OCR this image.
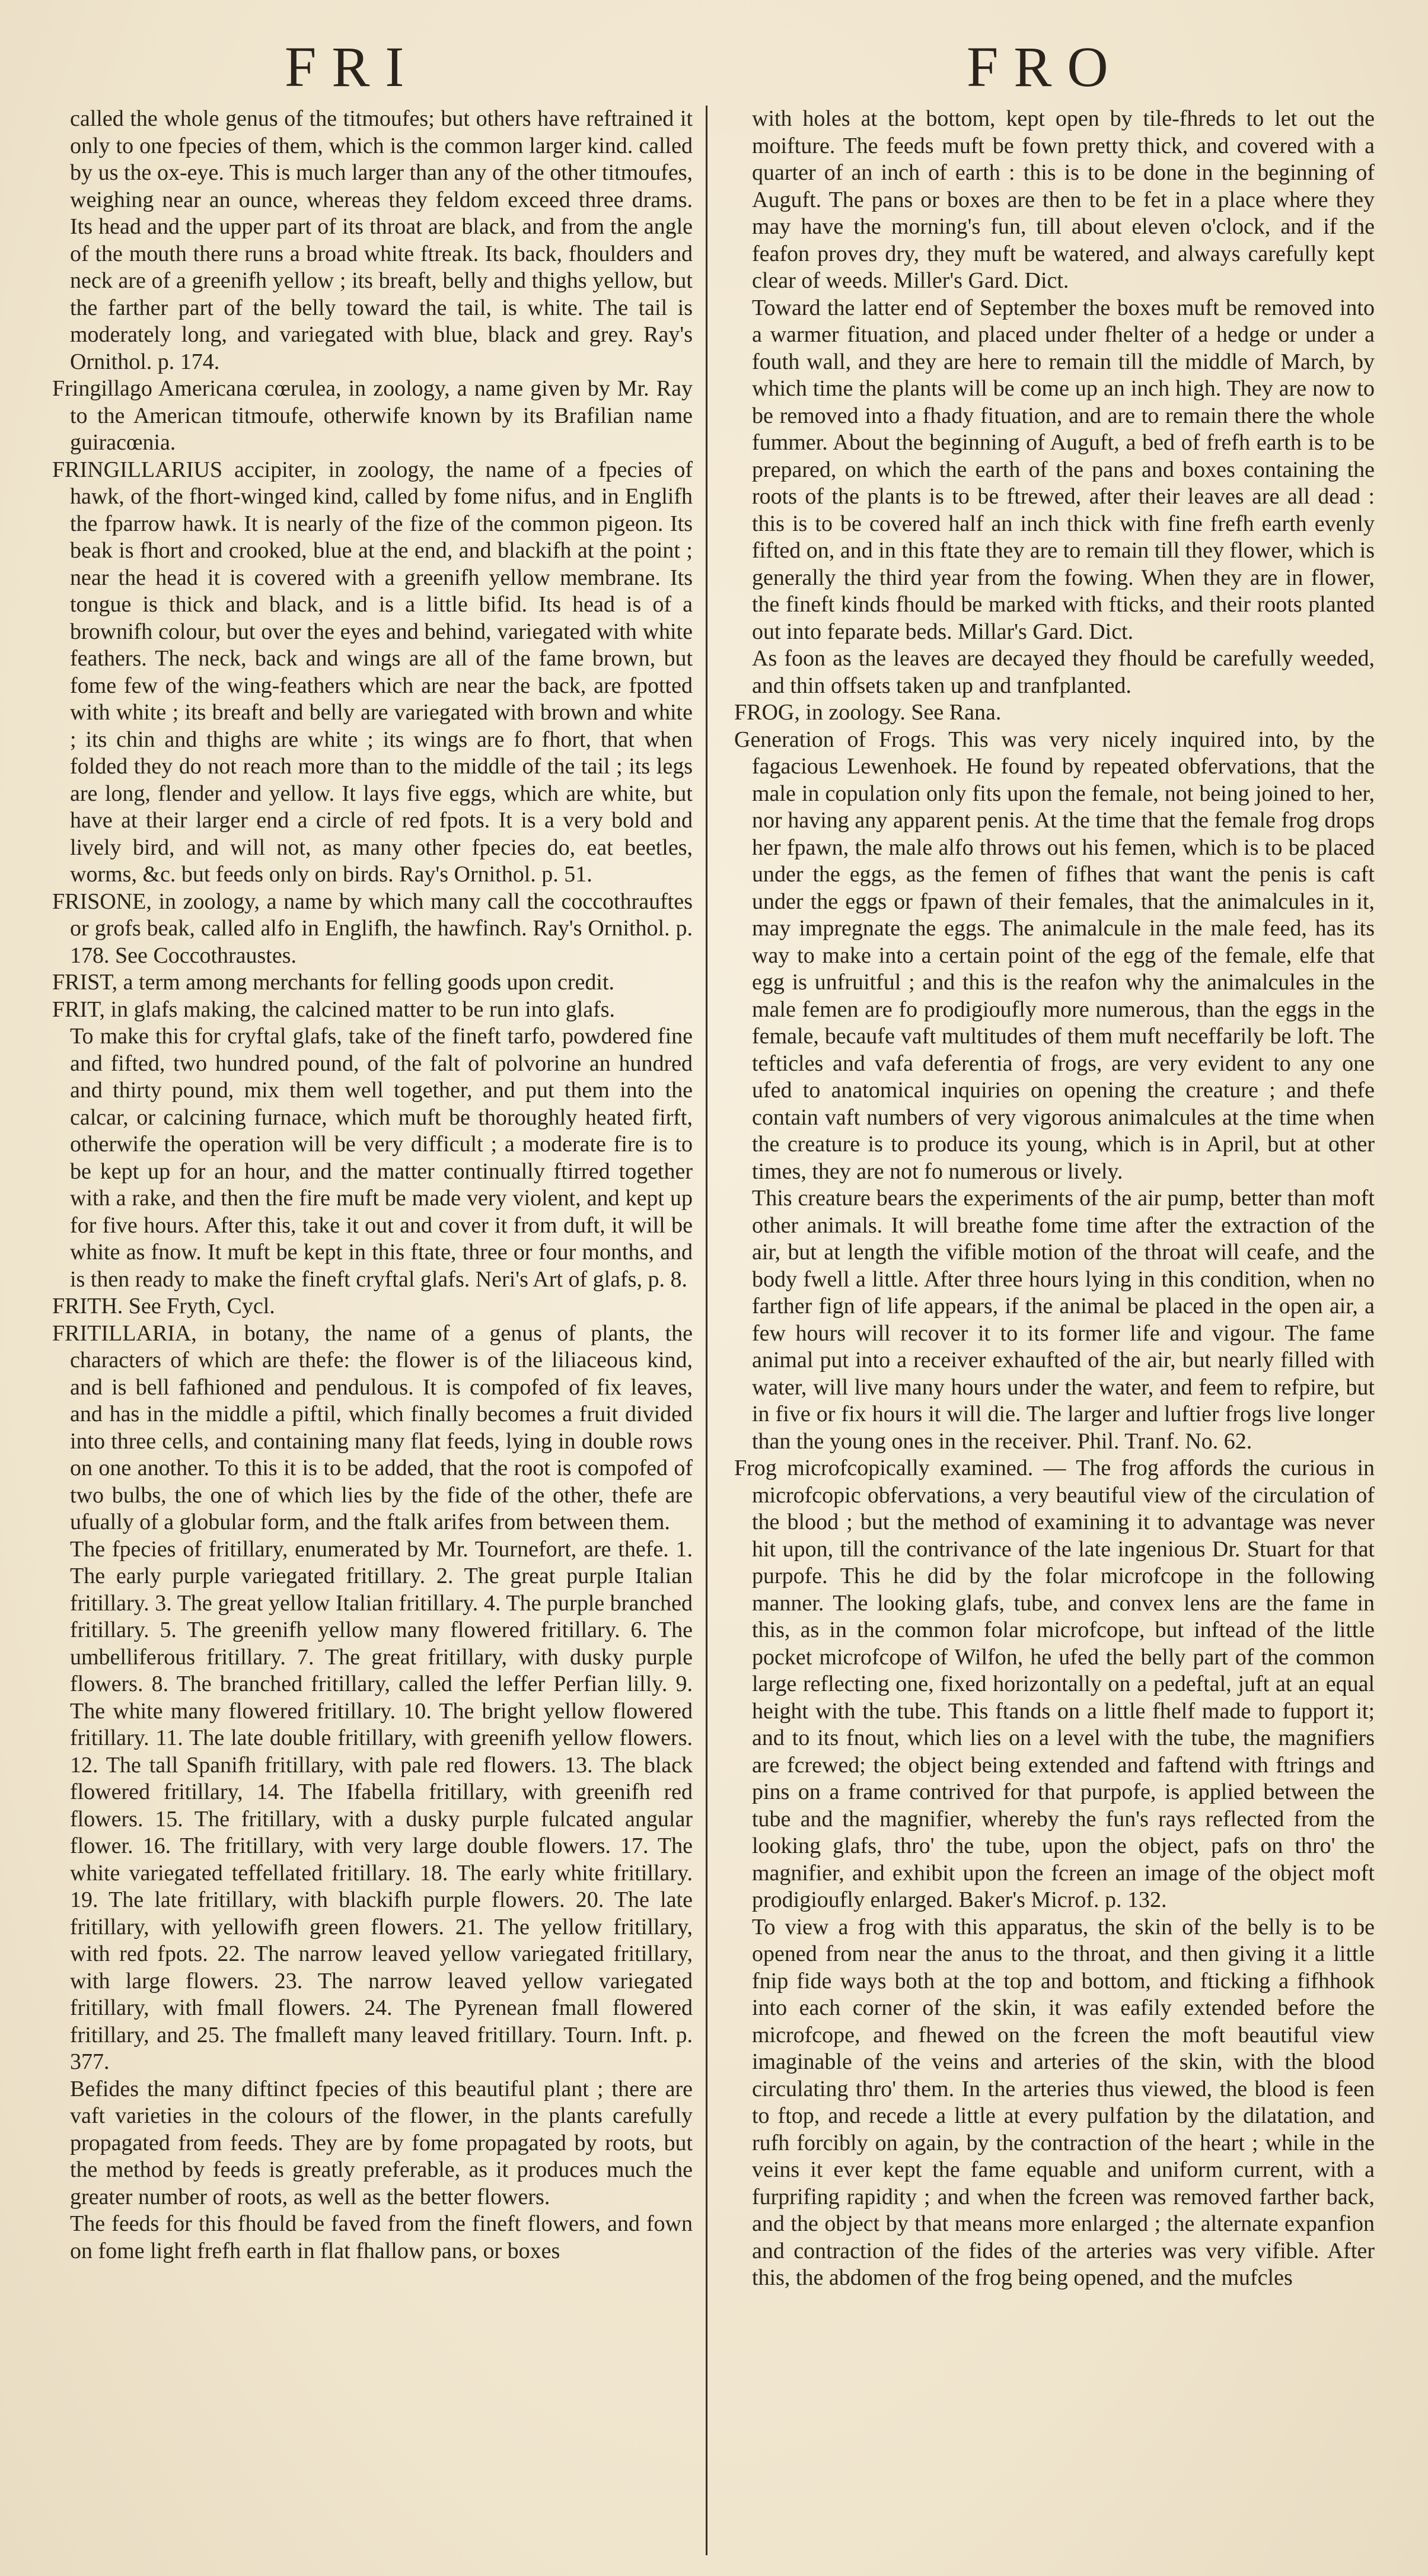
FRI	FRO

called the whole genus of the titmoufes; but others have reftrained it only to one fpecies of them, which is the common larger kind. called by us the ox-eye. This is much larger than any of the other titmoufes, weighing near an ounce, whereas they feldom exceed three drams. Its head and the upper part of its throat are black, and from the angle of the mouth there runs a broad white ftreak. Its back, fhoulders and neck are of a greenifh yellow ; its breaft, belly and thighs yellow, but the farther part of the belly toward the tail, is white. The tail is moderately long, and variegated with blue, black and grey. Ray's Ornithol. p. 174.

Fringillago Americana cœrulea, in zoology, a name given by Mr. Ray to the American titmoufe, otherwife known by its Brafilian name guiracœnia.

FRINGILLARIUS accipiter, in zoology, the name of a fpecies of hawk, of the fhort-winged kind, called by fome nifus, and in Englifh the fparrow hawk. It is nearly of the fize of the common pigeon. Its beak is fhort and crooked, blue at the end, and blackifh at the point ; near the head it is covered with a greenifh yellow membrane. Its tongue is thick and black, and is a little bifid. Its head is of a brownifh colour, but over the eyes and behind, variegated with white feathers. The neck, back and wings are all of the fame brown, but fome few of the wing-feathers which are near the back, are fpotted with white ; its breaft and belly are variegated with brown and white ; its chin and thighs are white ; its wings are fo fhort, that when folded they do not reach more than to the middle of the tail ; its legs are long, flender and yellow. It lays five eggs, which are white, but have at their larger end a circle of red fpots. It is a very bold and lively bird, and will not, as many other fpecies do, eat beetles, worms, &c. but feeds only on birds. Ray's Ornithol. p. 51.

FRISONE, in zoology, a name by which many call the coccothrauftes or grofs beak, called alfo in Englifh, the hawfinch. Ray's Ornithol. p. 178. See Coccothraustes.

FRIST, a term among merchants for felling goods upon credit.

FRIT, in glafs making, the calcined matter to be run into glafs.

To make this for cryftal glafs, take of the fineft tarfo, powdered fine and fifted, two hundred pound, of the falt of polvorine an hundred and thirty pound, mix them well together, and put them into the calcar, or calcining furnace, which muft be thoroughly heated firft, otherwife the operation will be very difficult ; a moderate fire is to be kept up for an hour, and the matter continually ftirred together with a rake, and then the fire muft be made very violent, and kept up for five hours. After this, take it out and cover it from duft, it will be white as fnow. It muft be kept in this ftate, three or four months, and is then ready to make the fineft cryftal glafs. Neri's Art of glafs, p. 8.

FRITH. See Fryth, Cycl.

FRITILLARIA, in botany, the name of a genus of plants, the characters of which are thefe: the flower is of the liliaceous kind, and is bell fafhioned and pendulous. It is compofed of fix leaves, and has in the middle a piftil, which finally becomes a fruit divided into three cells, and containing many flat feeds, lying in double rows on one another. To this it is to be added, that the root is compofed of two bulbs, the one of which lies by the fide of the other, thefe are ufually of a globular form, and the ftalk arifes from between them.

The fpecies of fritillary, enumerated by Mr. Tournefort, are thefe. 1. The early purple variegated fritillary. 2. The great purple Italian fritillary. 3. The great yellow Italian fritillary. 4. The purple branched fritillary. 5. The greenifh yellow many flowered fritillary. 6. The umbelliferous fritillary. 7. The great fritillary, with dusky purple flowers. 8. The branched fritillary, called the leffer Perfian lilly. 9. The white many flowered fritillary. 10. The bright yellow flowered fritillary. 11. The late double fritillary, with greenifh yellow flowers. 12. The tall Spanifh fritillary, with pale red flowers. 13. The black flowered fritillary, 14. The Ifabella fritillary, with greenifh red flowers. 15. The fritillary, with a dusky purple fulcated angular flower. 16. The fritillary, with very large double flowers. 17. The white variegated teffellated fritillary. 18. The early white fritillary. 19. The late fritillary, with blackifh purple flowers. 20. The late fritillary, with yellowifh green flowers. 21. The yellow fritillary, with red fpots. 22. The narrow leaved yellow variegated fritillary, with large flowers. 23. The narrow leaved yellow variegated fritillary, with fmall flowers. 24. The Pyrenean fmall flowered fritillary, and 25. The fmalleft many leaved fritillary. Tourn. Inft. p. 377.

Befides the many diftinct fpecies of this beautiful plant ; there are vaft varieties in the colours of the flower, in the plants carefully propagated from feeds. They are by fome propagated by roots, but the method by feeds is greatly preferable, as it produces much the greater number of roots, as well as the better flowers.

The feeds for this fhould be faved from the fineft flowers, and fown on fome light frefh earth in flat fhallow pans, or boxes

with holes at the bottom, kept open by tile-fhreds to let out the moifture. The feeds muft be fown pretty thick, and covered with a quarter of an inch of earth : this is to be done in the beginning of Auguft. The pans or boxes are then to be fet in a place where they may have the morning's fun, till about eleven o'clock, and if the feafon proves dry, they muft be watered, and always carefully kept clear of weeds. Miller's Gard. Dict.

Toward the latter end of September the boxes muft be removed into a warmer fituation, and placed under fhelter of a hedge or under a fouth wall, and they are here to remain till the middle of March, by which time the plants will be come up an inch high. They are now to be removed into a fhady fituation, and are to remain there the whole fummer. About the beginning of Auguft, a bed of frefh earth is to be prepared, on which the earth of the pans and boxes containing the roots of the plants is to be ftrewed, after their leaves are all dead : this is to be covered half an inch thick with fine frefh earth evenly fifted on, and in this ftate they are to remain till they flower, which is generally the third year from the fowing. When they are in flower, the fineft kinds fhould be marked with fticks, and their roots planted out into feparate beds. Millar's Gard. Dict.

As foon as the leaves are decayed they fhould be carefully weeded, and thin offsets taken up and tranfplanted.

FROG, in zoology. See Rana.

Generation of Frogs. This was very nicely inquired into, by the fagacious Lewenhoek. He found by repeated obfervations, that the male in copulation only fits upon the female, not being joined to her, nor having any apparent penis. At the time that the female frog drops her fpawn, the male alfo throws out his femen, which is to be placed under the eggs, as the femen of fifhes that want the penis is caft under the eggs or fpawn of their females, that the animalcules in it, may impregnate the eggs. The animalcule in the male feed, has its way to make into a certain point of the egg of the female, elfe that egg is unfruitful ; and this is the reafon why the animalcules in the male femen are fo prodigioufly more numerous, than the eggs in the female, becaufe vaft multitudes of them muft neceffarily be loft. The tefticles and vafa deferentia of frogs, are very evident to any one ufed to anatomical inquiries on opening the creature ; and thefe contain vaft numbers of very vigorous animalcules at the time when the creature is to produce its young, which is in April, but at other times, they are not fo numerous or lively.

This creature bears the experiments of the air pump, better than moft other animals. It will breathe fome time after the extraction of the air, but at length the vifible motion of the throat will ceafe, and the body fwell a little. After three hours lying in this condition, when no farther fign of life appears, if the animal be placed in the open air, a few hours will recover it to its former life and vigour. The fame animal put into a receiver exhaufted of the air, but nearly filled with water, will live many hours under the water, and feem to refpire, but in five or fix hours it will die. The larger and luftier frogs live longer than the young ones in the receiver. Phil. Tranf. No. 62.

Frog microfcopically examined. — The frog affords the curious in microfcopic obfervations, a very beautiful view of the circulation of the blood ; but the method of examining it to advantage was never hit upon, till the contrivance of the late ingenious Dr. Stuart for that purpofe. This he did by the folar microfcope in the following manner. The looking glafs, tube, and convex lens are the fame in this, as in the common folar microfcope, but inftead of the little pocket microfcope of Wilfon, he ufed the belly part of the common large reflecting one, fixed horizontally on a pedeftal, juft at an equal height with the tube. This ftands on a little fhelf made to fupport it; and to its fnout, which lies on a level with the tube, the magnifiers are fcrewed; the object being extended and faftend with ftrings and pins on a frame contrived for that purpofe, is applied between the tube and the magnifier, whereby the fun's rays reflected from the looking glafs, thro' the tube, upon the object, pafs on thro' the magnifier, and exhibit upon the fcreen an image of the object moft prodigioufly enlarged. Baker's Microf. p. 132.

To view a frog with this apparatus, the skin of the belly is to be opened from near the anus to the throat, and then giving it a little fnip fide ways both at the top and bottom, and fticking a fifhhook into each corner of the skin, it was eafily extended before the microfcope, and fhewed on the fcreen the moft beautiful view imaginable of the veins and arteries of the skin, with the blood circulating thro' them. In the arteries thus viewed, the blood is feen to ftop, and recede a little at every pulfation by the dilatation, and rufh forcibly on again, by the contraction of the heart ; while in the veins it ever kept the fame equable and uniform current, with a furprifing rapidity ; and when the fcreen was removed farther back, and the object by that means more enlarged ; the alternate expanfion and contraction of the fides of the arteries was very vifible. After this, the abdomen of the frog being opened, and the mufcles
